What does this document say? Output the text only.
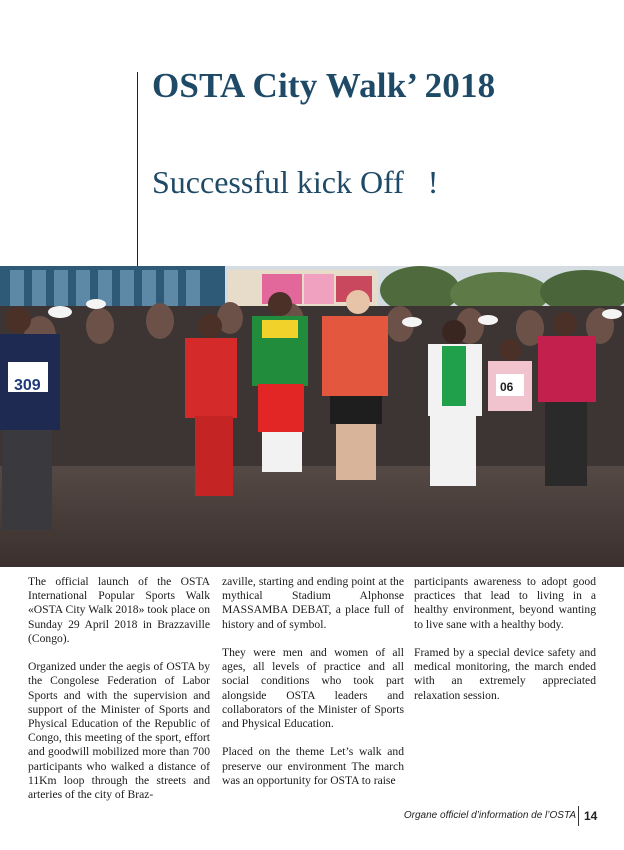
OSTA City Walk’ 2018
Successful kick Off   !
309	06

The official launch of the OSTA International Popular Sports Walk «OSTA City Walk 2018» took place on Sunday 29 April 2018 in Brazzaville (Congo).

Organized under the aegis of OSTA by the Congolese Federation of Labor Sports and with the supervision and support of the Minister of Sports and Physical Education of the Republic of Congo, this meeting of the sport, effort and goodwill mobilized more than 700 participants who walked a distance of 11Km loop through the streets and arteries of the city of Braz-

zaville, starting and ending point at the mythical Stadium Alphonse MASSAMBA DEBAT, a place full of history and of symbol.

They were men and women of all ages, all levels of practice and all social conditions who took part alongside OSTA leaders and collaborators of the Minister of Sports and Physical Education.

Placed on the theme Let’s walk and preserve our environment The march was an opportunity for OSTA to raise

participants awareness to adopt good practices that lead to living in a healthy environment, beyond wanting to live sane with a healthy body.

Framed by a special device safety and medical monitoring, the march ended with an extremely appreciated relaxation session.

Organe officiel d’information de l’OSTA 14
